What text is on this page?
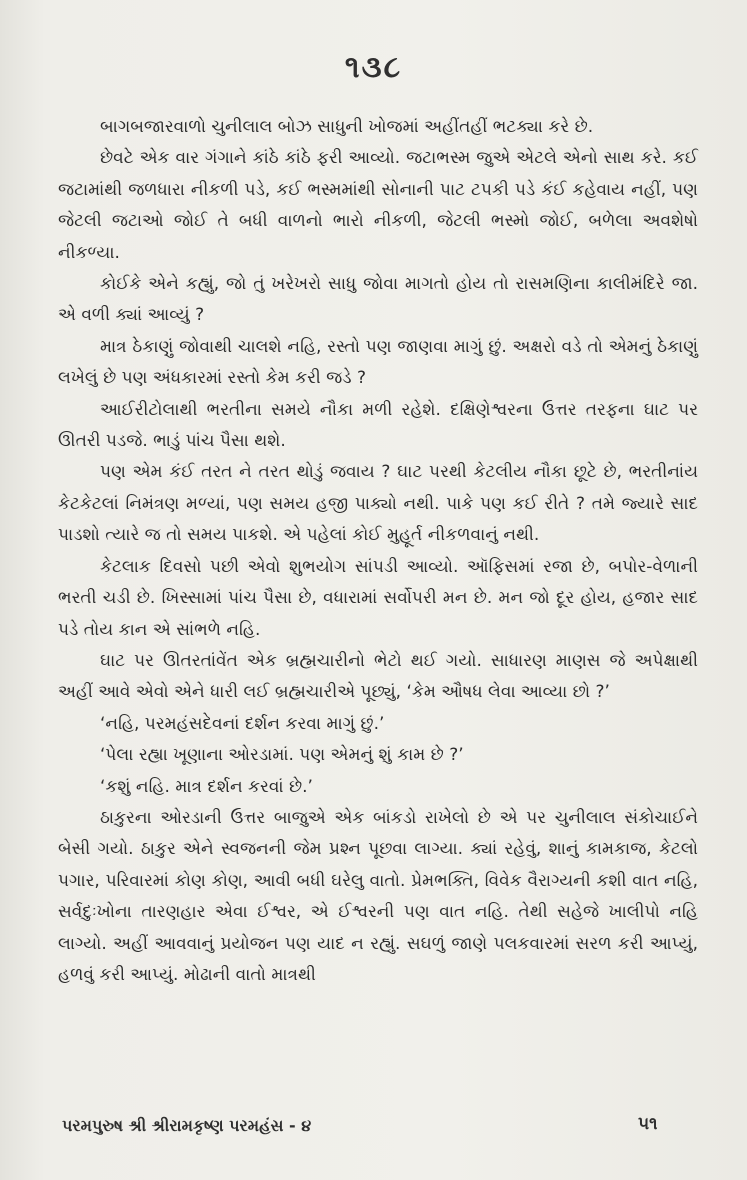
૧૩૮

બાગબજારવાળો ચુનીલાલ બોઝ સાધુની ખોજમાં અહીંતહીં ભટક્યા કરે છે.

છેવટે એક વાર ગંગાને કાંઠે કાંઠે ફરી આવ્યો. જટાભસ્મ જુએ એટલે એનો સાથ કરે. કઈ જટામાંથી જળધારા નીકળી પડે, કઈ ભસ્મમાંથી સોનાની પાટ ટપકી પડે કંઈ કહેવાય નહીં, પણ જેટલી જટાઓ જોઈ તે બધી વાળનો ભારો નીકળી, જેટલી ભસ્મો જોઈ, બળેલા અવશેષો નીકળ્યા.

કોઈકે એને કહ્યું, જો તું ખરેખરો સાધુ જોવા માગતો હોય તો રાસમણિના કાલીમંદિરે જા. એ વળી ક્યાં આવ્યું ?

માત્ર ઠેકાણું જોવાથી ચાલશે નહિ, રસ્તો પણ જાણવા માગું છું. અક્ષરો વડે તો એમનું ઠેકાણું લખેલું છે પણ અંધકારમાં રસ્તો કેમ કરી જડે ?

આઈરીટોલાથી ભરતીના સમયે નૌકા મળી રહેશે. દક્ષિણેશ્વરના ઉત્તર તરફના ઘાટ પર ઊતરી પડજે. ભાડું પાંચ પૈસા થશે.

પણ એમ કંઈ તરત ને તરત થોડું જવાય ? ઘાટ પરથી કેટલીય નૌકા છૂટે છે, ભરતીનાંય કેટકેટલાં નિમંત્રણ મળ્યાં, પણ સમય હજી પાક્યો નથી. પાકે પણ કઈ રીતે ? તમે જ્યારે સાદ પાડશો ત્યારે જ તો સમય પાકશે. એ પહેલાં કોઈ મુહૂર્ત નીકળવાનું નથી.

કેટલાક દિવસો પછી એવો શુભયોગ સાંપડી આવ્યો. ઑફિસમાં રજા છે, બપોર-વેળાની ભરતી ચડી છે. ખિસ્સામાં પાંચ પૈસા છે, વધારામાં સર્વોપરી મન છે. મન જો દૂર હોય, હજાર સાદ પડે તોય કાન એ સાંભળે નહિ.

ઘાટ પર ઊતરતાંવેંત એક બ્રહ્મચારીનો ભેટો થઈ ગયો. સાધારણ માણસ જે અપેક્ષાથી અહીં આવે એવો એને ધારી લઈ બ્રહ્મચારીએ પૂછ્યું, ‘કેમ ઔષધ લેવા આવ્યા છો ?’

‘નહિ, પરમહંસદેવનાં દર્શન કરવા માગું છું.’

‘પેલા રહ્યા ખૂણાના ઓરડામાં. પણ એમનું શું કામ છે ?’

‘કશું નહિ. માત્ર દર્શન કરવાં છે.’

ઠાકુરના ઓરડાની ઉત્તર બાજુએ એક બાંકડો રાખેલો છે એ પર ચુનીલાલ સંકોચાઈને બેસી ગયો. ઠાકુર એને સ્વજનની જેમ પ્રશ્ન પૂછવા લાગ્યા. ક્યાં રહેવું, શાનું કામકાજ, કેટલો પગાર, પરિવારમાં કોણ કોણ, આવી બધી ઘરેલુ વાતો. પ્રેમભક્તિ, વિવેક વૈરાગ્યની કશી વાત નહિ, સર્વદુઃખોના તારણહાર એવા ઈશ્વર, એ ઈશ્વરની પણ વાત નહિ. તેથી સહેજે ખાલીપો નહિ લાગ્યો. અહીં આવવાનું પ્રયોજન પણ યાદ ન રહ્યું. સઘળું જાણે પલકવારમાં સરળ કરી આપ્યું, હળવું કરી આપ્યું. મોઢાની વાતો માત્રથી

પરમપુરુષ શ્રી શ્રીરામકૃષ્ણ પરમહંસ - ૪	૫૧
